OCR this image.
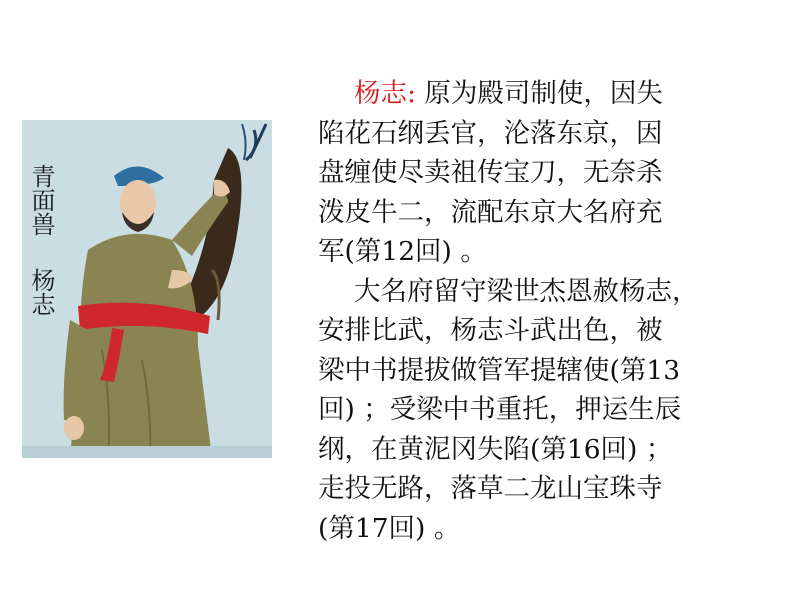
青面兽
杨志
杨志: 原为殿司制使，因失
陷花石纲丢官，沦落东京，因
盘缠使尽卖祖传宝刀，无奈杀
泼皮牛二，流配东京大名府充
军(第12回) 。
大名府留守梁世杰恩赦杨志，
安排比武，杨志斗武出色，被
梁中书提拔做管军提辖使(第13
回) ；受梁中书重托，押运生辰
纲，在黄泥冈失陷(第16回) ；
走投无路，落草二龙山宝珠寺
(第17回) 。
